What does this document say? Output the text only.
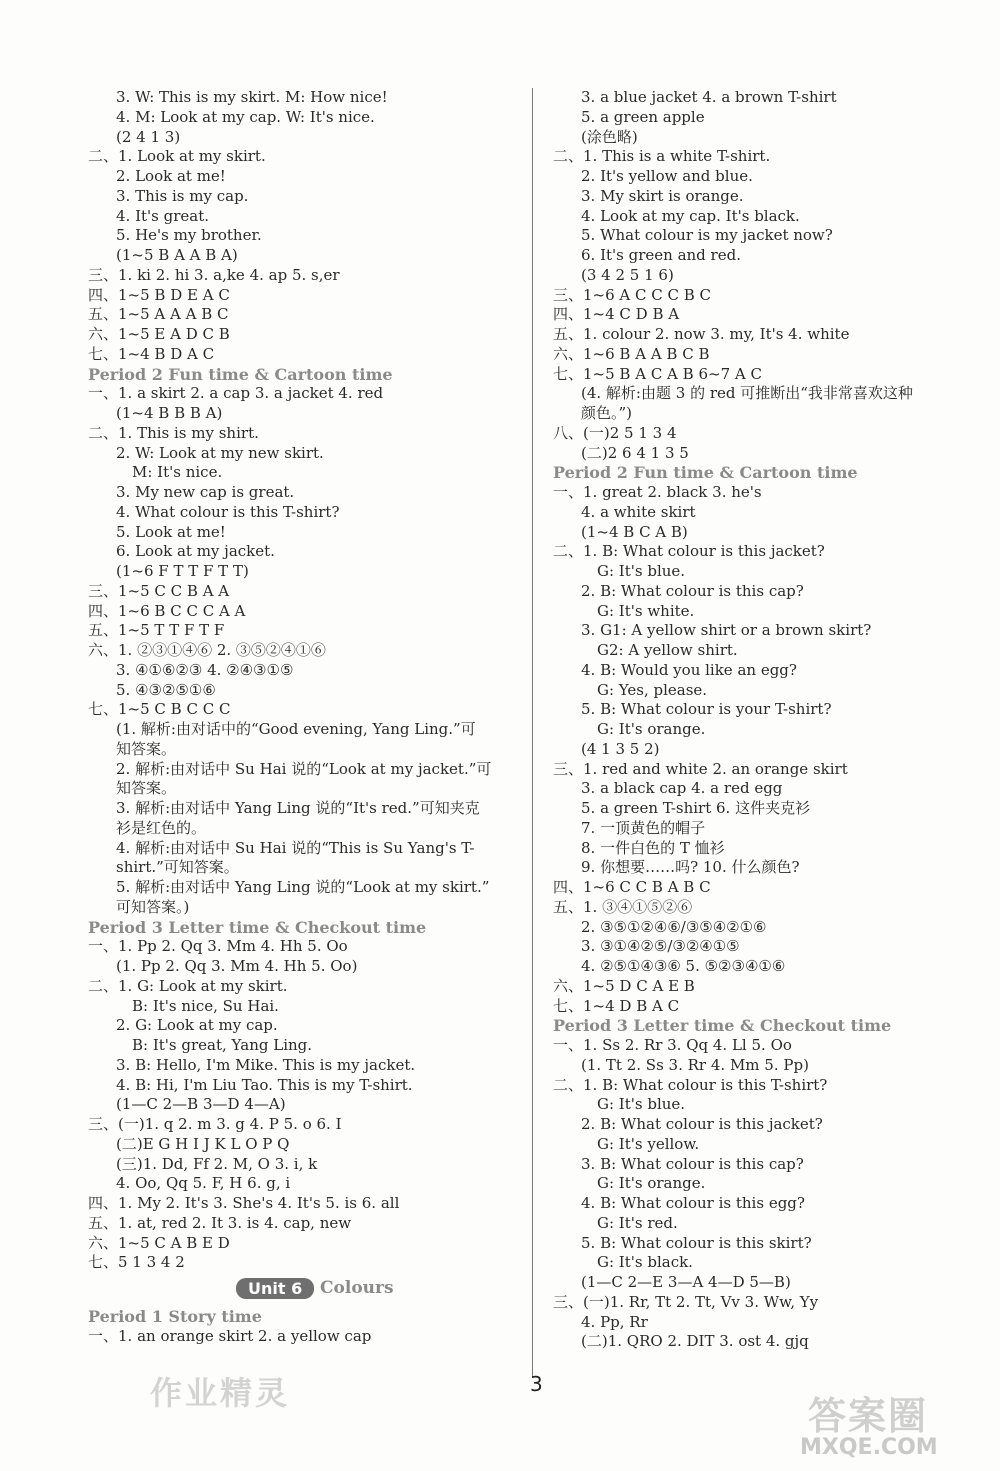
3. W: This is my skirt. M: How nice!
4. M: Look at my cap. W: It's nice.
(2 4 1 3)
二、1. Look at my skirt.
2. Look at me!
3. This is my cap.
4. It's great.
5. He's my brother.
(1~5 B A A B A)
三、1. ki 2. hi 3. a,ke 4. ap 5. s,er
四、1~5 B D E A C
五、1~5 A A A B C
六、1~5 E A D C B
七、1~4 B D A C
Period 2 Fun time & Cartoon time
一、1. a skirt 2. a cap 3. a jacket 4. red
(1~4 B B B A)
二、1. This is my shirt.
2. W: Look at my new skirt.
M: It's nice.
3. My new cap is great.
4. What colour is this T-shirt?
5. Look at me!
6. Look at my jacket.
(1~6 F T T F T T)
三、1~5 C C B A A
四、1~6 B C C C A A
五、1~5 T T F T F
六、1. ②③①④⑥ 2. ③⑤②④①⑥
3. ④①⑥②③ 4. ②④③①⑤
5. ④③②⑤①⑥
七、1~5 C B C C C
(1. 解析:由对话中的“Good evening, Yang Ling.”可
知答案。
2. 解析:由对话中 Su Hai 说的“Look at my jacket.”可
知答案。
3. 解析:由对话中 Yang Ling 说的“It's red.”可知夹克
衫是红色的。
4. 解析:由对话中 Su Hai 说的“This is Su Yang's T-
shirt.”可知答案。
5. 解析:由对话中 Yang Ling 说的“Look at my skirt.”
可知答案。)
Period 3 Letter time & Checkout time
一、1. Pp 2. Qq 3. Mm 4. Hh 5. Oo
(1. Pp 2. Qq 3. Mm 4. Hh 5. Oo)
二、1. G: Look at my skirt.
B: It's nice, Su Hai.
2. G: Look at my cap.
B: It's great, Yang Ling.
3. B: Hello, I'm Mike. This is my jacket.
4. B: Hi, I'm Liu Tao. This is my T-shirt.
(1—C 2—B 3—D 4—A)
三、(一)1. q 2. m 3. g 4. P 5. o 6. I
(二)E G H I J K L O P Q
(三)1. Dd, Ff 2. M, O 3. i, k
4. Oo, Qq 5. F, H 6. g, i
四、1. My 2. It's 3. She's 4. It's 5. is 6. all
五、1. at, red 2. It 3. is 4. cap, new
六、1~5 C A B E D
七、5 1 3 4 2
Unit 6	Colours
Period 1 Story time
一、1. an orange skirt 2. a yellow cap
3. a blue jacket 4. a brown T-shirt
5. a green apple
(涂色略)
二、1. This is a white T-shirt.
2. It's yellow and blue.
3. My skirt is orange.
4. Look at my cap. It's black.
5. What colour is my jacket now?
6. It's green and red.
(3 4 2 5 1 6)
三、1~6 A C C C B C
四、1~4 C D B A
五、1. colour 2. now 3. my, It's 4. white
六、1~6 B A A B C B
七、1~5 B A C A B 6~7 A C
(4. 解析:由题 3 的 red 可推断出“我非常喜欢这种
颜色。”)
八、(一)2 5 1 3 4
(二)2 6 4 1 3 5
Period 2 Fun time & Cartoon time
一、1. great 2. black 3. he's
4. a white skirt
(1~4 B C A B)
二、1. B: What colour is this jacket?
G: It's blue.
2. B: What colour is this cap?
G: It's white.
3. G1: A yellow shirt or a brown skirt?
G2: A yellow shirt.
4. B: Would you like an egg?
G: Yes, please.
5. B: What colour is your T-shirt?
G: It's orange.
(4 1 3 5 2)
三、1. red and white 2. an orange skirt
3. a black cap 4. a red egg
5. a green T-shirt 6. 这件夹克衫
7. 一顶黄色的帽子
8. 一件白色的 T 恤衫
9. 你想要……吗? 10. 什么颜色?
四、1~6 C C B A B C
五、1. ③④①⑤②⑥
2. ③⑤①②④⑥/③⑤④②①⑥
3. ③①④②⑤/③②④①⑤
4. ②⑤①④③⑥ 5. ⑤②③④①⑥
六、1~5 D C A E B
七、1~4 D B A C
Period 3 Letter time & Checkout time
一、1. Ss 2. Rr 3. Qq 4. Ll 5. Oo
(1. Tt 2. Ss 3. Rr 4. Mm 5. Pp)
二、1. B: What colour is this T-shirt?
G: It's blue.
2. B: What colour is this jacket?
G: It's yellow.
3. B: What colour is this cap?
G: It's orange.
4. B: What colour is this egg?
G: It's red.
5. B: What colour is this skirt?
G: It's black.
(1—C 2—E 3—A 4—D 5—B)
三、(一)1. Rr, Tt 2. Tt, Vv 3. Ww, Yy
4. Pp, Rr
(二)1. QRO 2. DIT 3. ost 4. gjq
作业精灵	3
答案圈
MXQE.COM
